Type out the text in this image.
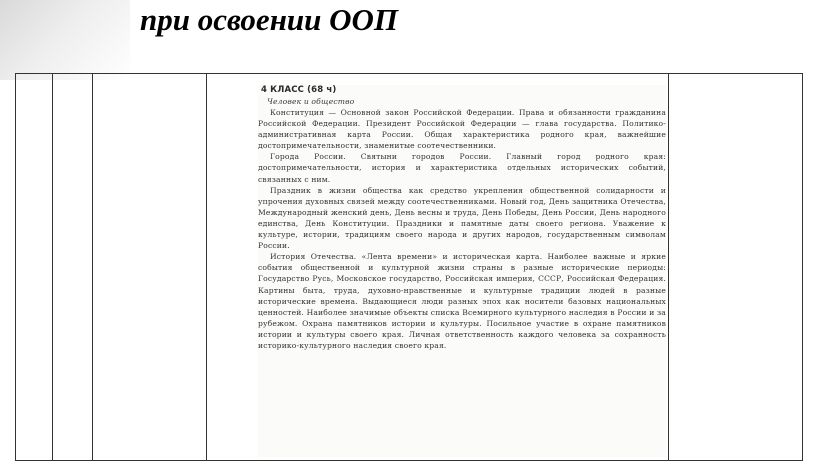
при освоении ООП
4 КЛАСС (68 ч)
Человек и общество

Конституция — Основной закон Российской Федерации. Права и обязанности гражданина Российской Федерации. Президент Российской Федерации — глава государства. Политико-административная карта России. Общая характеристика родного края, важнейшие достопримечательности, знаменитые соотечественники.

Города России. Святыни городов России. Главный город родного края: достопримечательности, история и характеристика отдельных исторических событий, связанных с ним.

Праздник в жизни общества как средство укрепления общественной солидарности и упрочения духовных связей между соотечественниками. Новый год, День защитника Отечества, Международный женский день, День весны и труда, День Победы, День России, День народного единства, День Конституции. Праздники и памятные даты своего региона. Уважение к культуре, истории, традициям своего народа и других народов, государственным символам России.

История Отечества. «Лента времени» и историческая карта. Наиболее важные и яркие события общественной и культурной жизни страны в разные исторические периоды: Государство Русь, Московское государство, Российская империя, СССР, Российская Федерация. Картины быта, труда, духовно-нравственные и культурные традиции людей в разные исторические времена. Выдающиеся люди разных эпох как носители базовых национальных ценностей. Наиболее значимые объекты списка Всемирного культурного наследия в России и за рубежом. Охрана памятников истории и культуры. Посильное участие в охране памятников истории и культуры своего края. Личная ответственность каждого человека за сохранность историко-культурного наследия своего края.
